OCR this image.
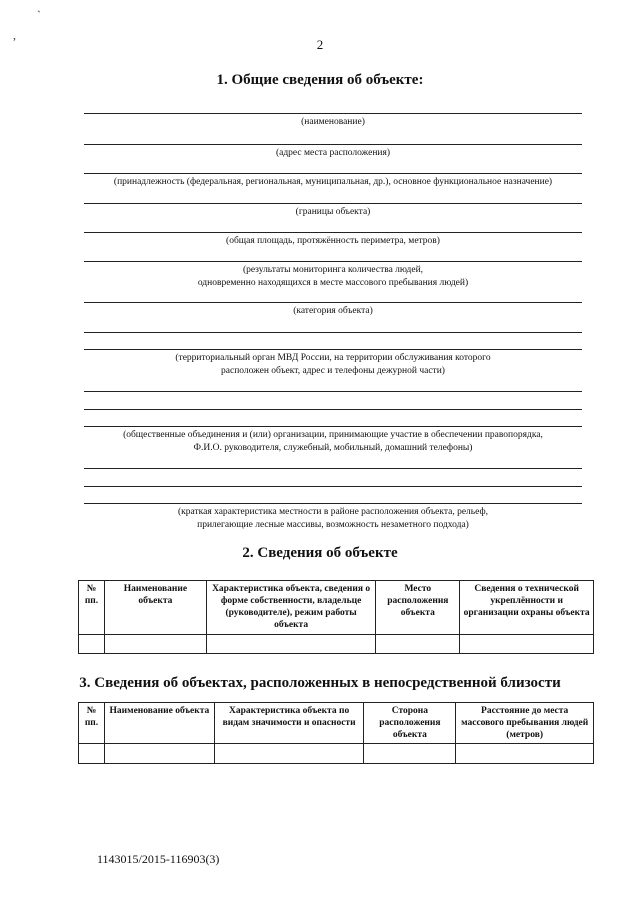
`
,
2
1. Общие сведения об объекте:
(наименование)
(адрес места расположения)
(принадлежность (федеральная, региональная, муниципальная, др.), основное функциональное назначение)
(границы объекта)
(общая площадь, протяжённость периметра, метров)
(результаты мониторинга количества людей,
одновременно находящихся в месте массового пребывания людей)
(категория объекта)
(территориальный орган МВД России, на территории обслуживания которого
расположен объект, адрес и телефоны дежурной части)
(общественные объединения и (или) организации, принимающие участие в обеспечении правопорядка,
Ф.И.О. руководителя, служебный, мобильный, домашний телефоны)
(краткая характеристика местности в районе расположения объекта, рельеф,
прилегающие лесные массивы, возможность незаметного подхода)
2. Сведения об объекте
№ пп.	Наименование объекта	Характеристика объекта, сведения о форме собственности, владельце (руководителе), режим работы объекта	Место расположения объекта	Сведения о технической укреплённости и организации охраны объекта

3. Сведения об объектах, расположенных в непосредственной близости
№ пп.	Наименование объекта	Характеристика объекта по видам значимости и опасности	Сторона расположения объекта	Расстояние до места массового пребывания людей (метров)

1143015/2015-116903(3)
